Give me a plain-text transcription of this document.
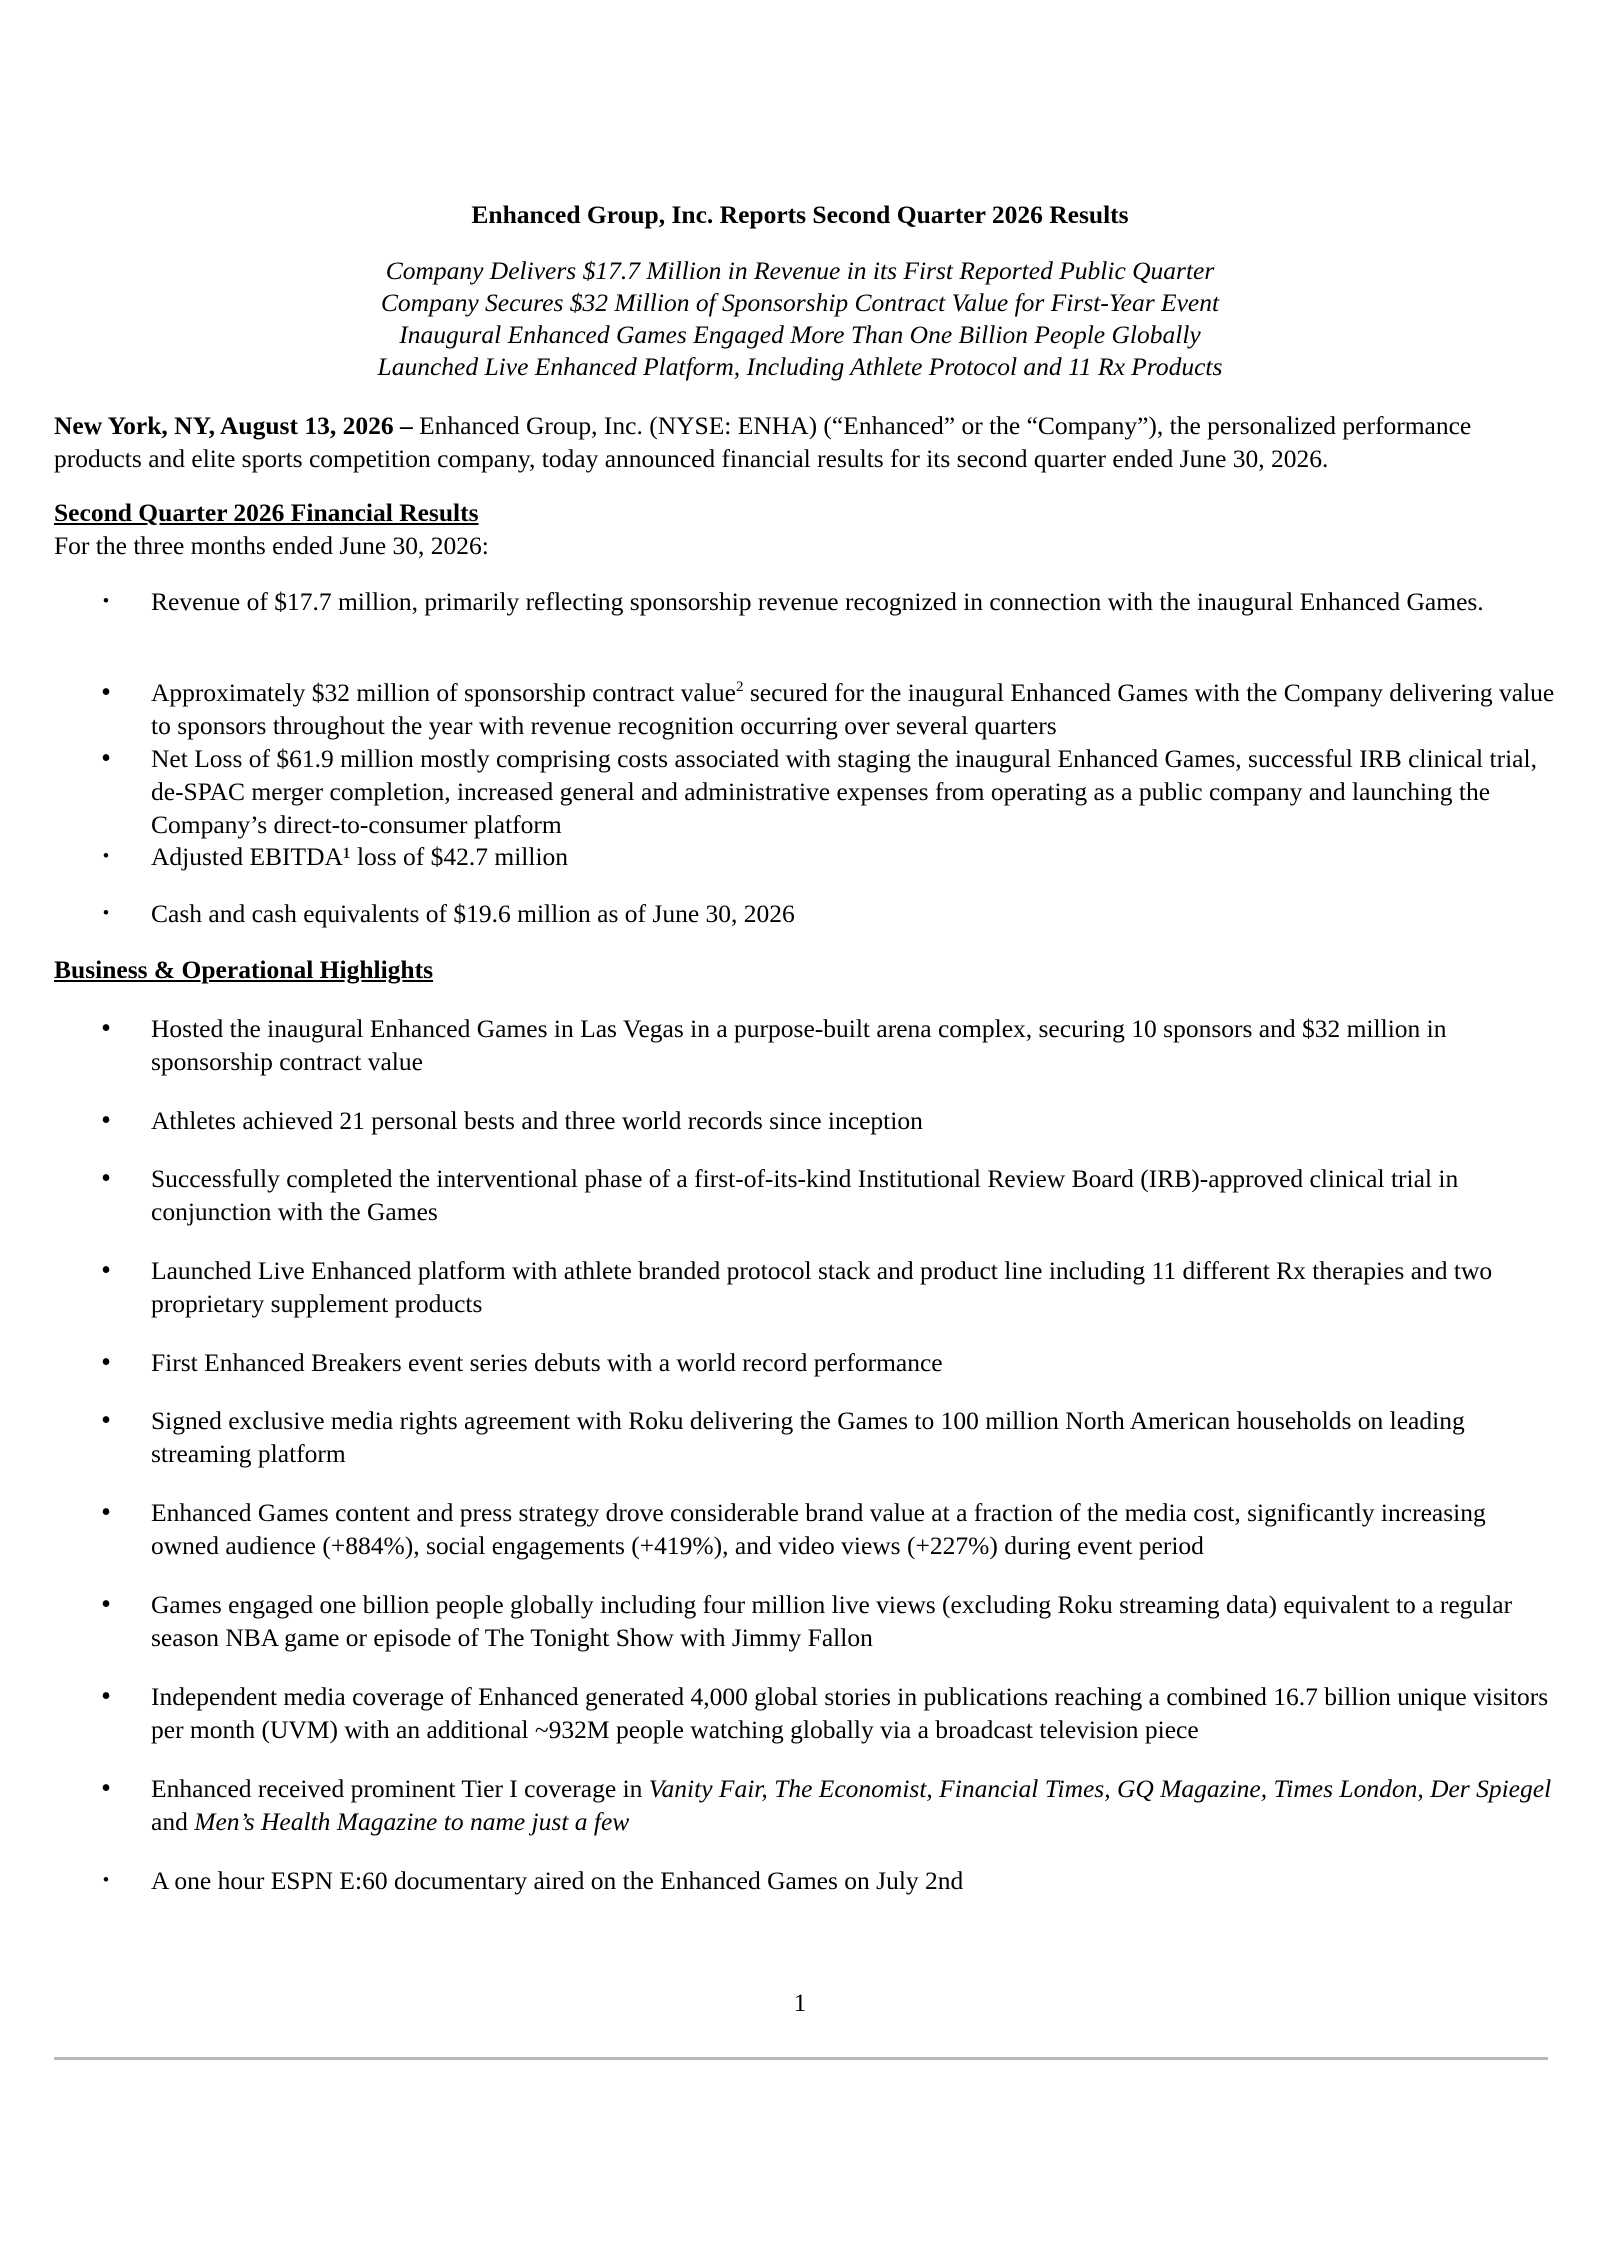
Enhanced Group, Inc. Reports Second Quarter 2026 Results
Company Delivers $17.7 Million in Revenue in its First Reported Public Quarter
Company Secures $32 Million of Sponsorship Contract Value for First-Year Event
Inaugural Enhanced Games Engaged More Than One Billion People Globally
Launched Live Enhanced Platform, Including Athlete Protocol and 11 Rx Products
New York, NY, August 13, 2026 – Enhanced Group, Inc. (NYSE: ENHA) (“Enhanced” or the “Company”), the personalized performance products and elite sports competition company, today announced financial results for its second quarter ended June 30, 2026.
Second Quarter 2026 Financial Results
For the three months ended June 30, 2026:
• Revenue of $17.7 million, primarily reflecting sponsorship revenue recognized in connection with the inaugural Enhanced Games.
• Approximately $32 million of sponsorship contract value$^2$ secured for the inaugural Enhanced Games with the Company delivering value to sponsors throughout the year with revenue recognition occurring over several quarters
• Net Loss of $61.9 million mostly comprising costs associated with staging the inaugural Enhanced Games, successful IRB clinical trial, de-SPAC merger completion, increased general and administrative expenses from operating as a public company and launching the Company’s direct-to-consumer platform
• Adjusted EBITDA¹ loss of $42.7 million
• Cash and cash equivalents of $19.6 million as of June 30, 2026
Business & Operational Highlights
• Hosted the inaugural Enhanced Games in Las Vegas in a purpose-built arena complex, securing 10 sponsors and $32 million in sponsorship contract value
• Athletes achieved 21 personal bests and three world records since inception
• Successfully completed the interventional phase of a first-of-its-kind Institutional Review Board (IRB)-approved clinical trial in conjunction with the Games
• Launched Live Enhanced platform with athlete branded protocol stack and product line including 11 different Rx therapies and two proprietary supplement products
• First Enhanced Breakers event series debuts with a world record performance
• Signed exclusive media rights agreement with Roku delivering the Games to 100 million North American households on leading streaming platform
• Enhanced Games content and press strategy drove considerable brand value at a fraction of the media cost, significantly increasing owned audience (+884%), social engagements (+419%), and video views (+227%) during event period
• Games engaged one billion people globally including four million live views (excluding Roku streaming data) equivalent to a regular season NBA game or episode of The Tonight Show with Jimmy Fallon
• Independent media coverage of Enhanced generated 4,000 global stories in publications reaching a combined 16.7 billion unique visitors per month (UVM) with an additional ~932M people watching globally via a broadcast television piece
• Enhanced received prominent Tier I coverage in Vanity Fair, The Economist, Financial Times, GQ Magazine, Times London, Der Spiegel and Men’s Health Magazine to name just a few
• A one hour ESPN E:60 documentary aired on the Enhanced Games on July 2nd
1
